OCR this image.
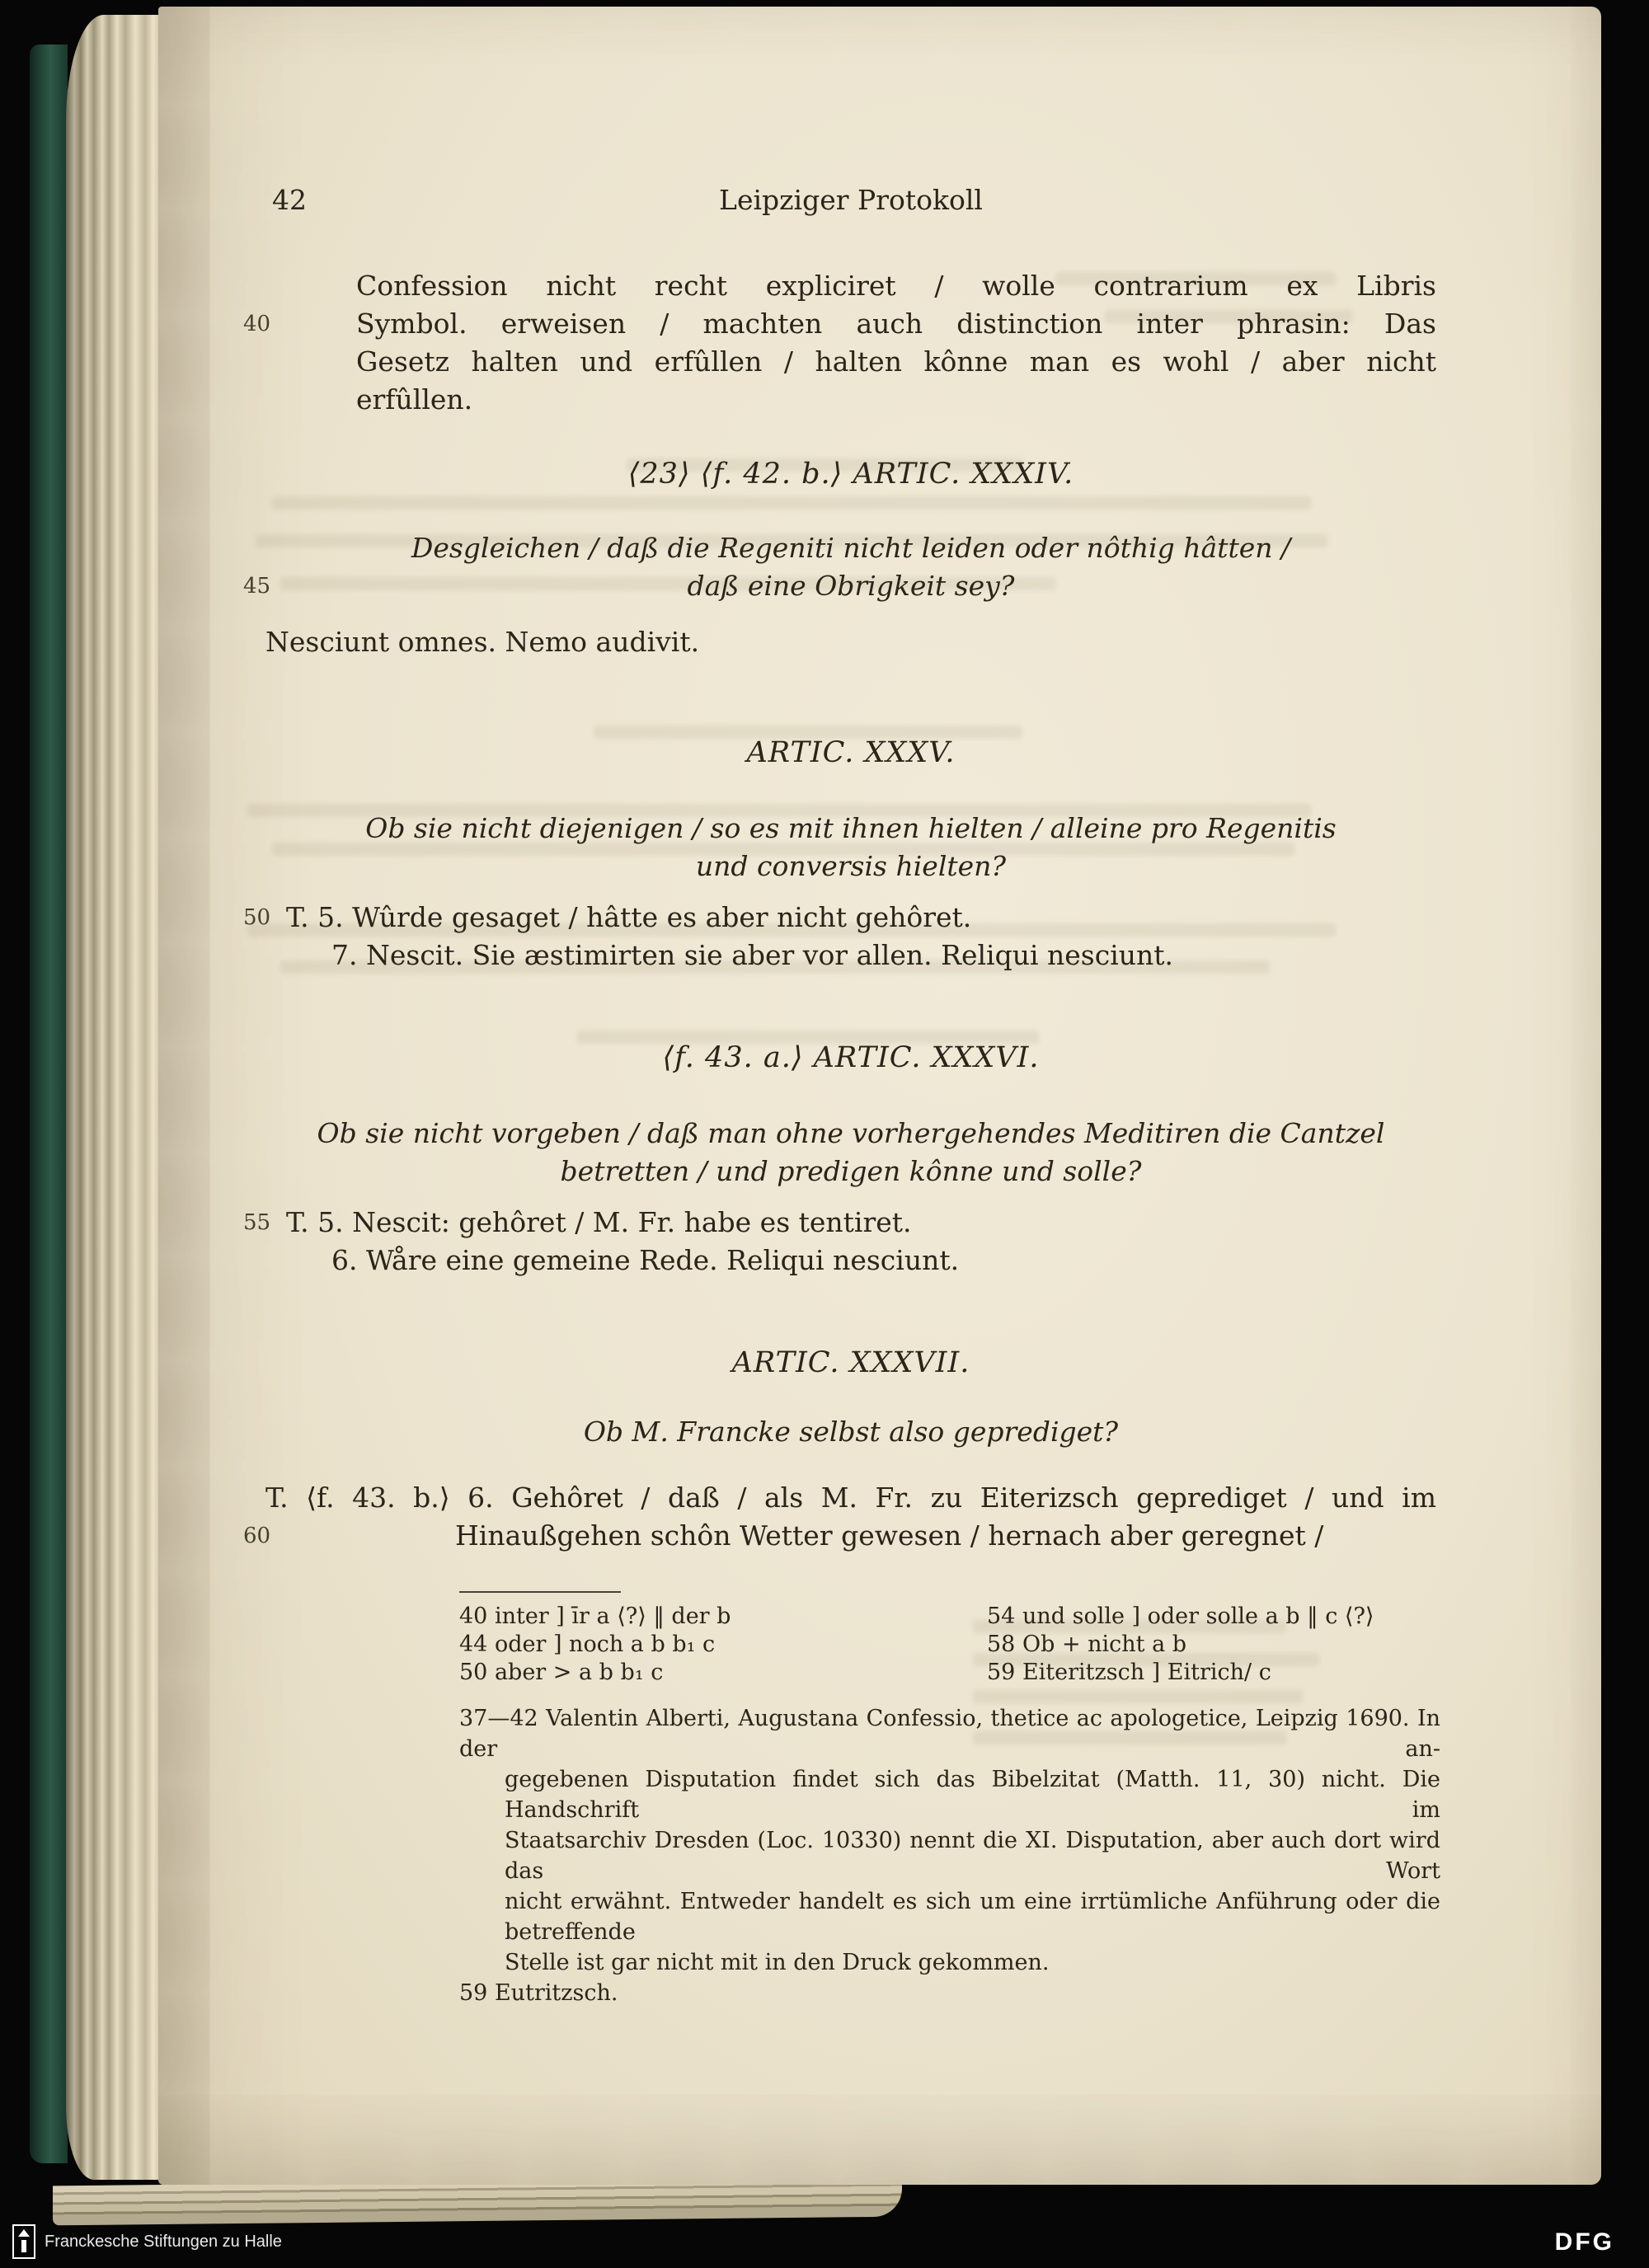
42	Leipziger Protokoll
Confession nicht recht expliciret / wolle contrarium ex Libris
40	Symbol. erweisen / machten auch distinction inter phrasin: Das
Gesetz halten und erfûllen / halten kônne man es wohl / aber nicht
erfûllen.
⟨23⟩ ⟨f. 42. b.⟩ ARTIC. XXXIV.
Desgleichen / daß die Regeniti nicht leiden oder nôthig hâtten /
45	daß eine Obrigkeit sey?
Nesciunt omnes. Nemo audivit.
ARTIC. XXXV.
Ob sie nicht diejenigen / so es mit ihnen hielten / alleine pro Regenitis
und conversis hielten?
50 T. 5. Wûrde gesaget / hâtte es aber nicht gehôret.
7. Nescit. Sie æstimirten sie aber vor allen. Reliqui nesciunt.
⟨f. 43. a.⟩ ARTIC. XXXVI.
Ob sie nicht vorgeben / daß man ohne vorhergehendes Meditiren die Cantzel
betretten / und predigen kônne und solle?
55 T. 5. Nescit: gehôret / M. Fr. habe es tentiret.
6. Wåre eine gemeine Rede. Reliqui nesciunt.
ARTIC. XXXVII.
Ob M. Francke selbst also geprediget?
T. ⟨f. 43. b.⟩ 6. Gehôret / daß / als M. Fr. zu Eiterizsch geprediget / und im
60	Hinaußgehen schôn Wetter gewesen / hernach aber geregnet /
40 inter ] īr a ⟨?⟩ ‖ der b	54 und solle ] oder solle a b ‖ c ⟨?⟩
44 oder ] noch a b b₁ c	58 Ob + nicht a b
50 aber > a b b₁ c	59 Eiteritzsch ] Eitrich/ c
37—42 Valentin Alberti, Augustana Confessio, thetice ac apologetice, Leipzig 1690. In der an-
gegebenen Disputation findet sich das Bibelzitat (Matth. 11, 30) nicht. Die Handschrift im
Staatsarchiv Dresden (Loc. 10330) nennt die XI. Disputation, aber auch dort wird das Wort
nicht erwähnt. Entweder handelt es sich um eine irrtümliche Anführung oder die betreffende
Stelle ist gar nicht mit in den Druck gekommen.
59 Eutritzsch.
Franckesche Stiftungen zu Halle	DFG
